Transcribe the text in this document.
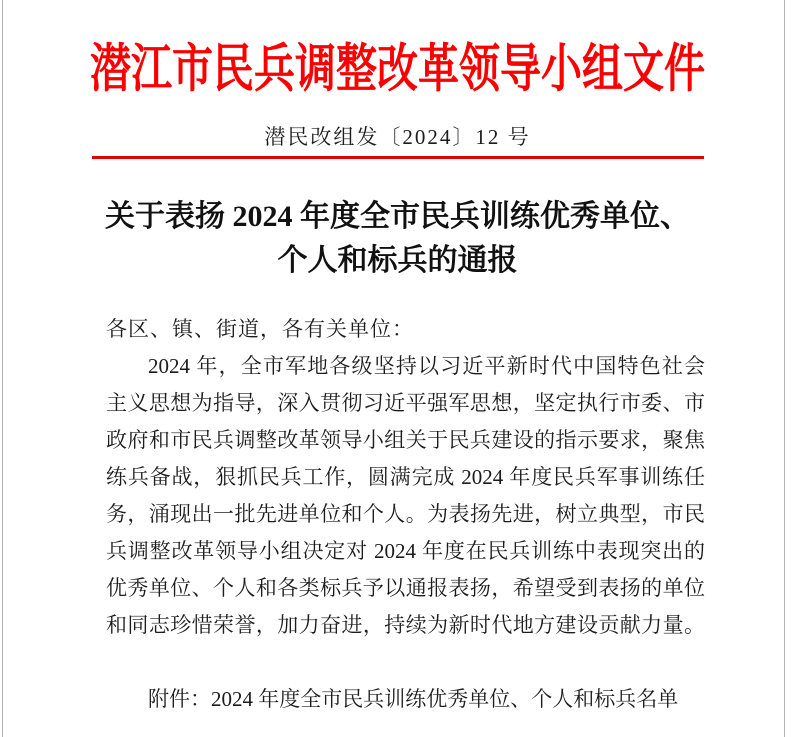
潜江市民兵调整改革领导小组文件
潜民改组发〔2024〕12 号
关于表扬 2024 年度全市民兵训练优秀单位、
个人和标兵的通报
各区、镇、街道，各有关单位：
2024 年，全市军地各级坚持以习近平新时代中国特色社会
主义思想为指导，深入贯彻习近平强军思想，坚定执行市委、市
政府和市民兵调整改革领导小组关于民兵建设的指示要求，聚焦
练兵备战，狠抓民兵工作，圆满完成 2024 年度民兵军事训练任
务，涌现出一批先进单位和个人。为表扬先进，树立典型，市民
兵调整改革领导小组决定对 2024 年度在民兵训练中表现突出的
优秀单位、个人和各类标兵予以通报表扬，希望受到表扬的单位
和同志珍惜荣誉，加力奋进，持续为新时代地方建设贡献力量。
附件：2024 年度全市民兵训练优秀单位、个人和标兵名单
